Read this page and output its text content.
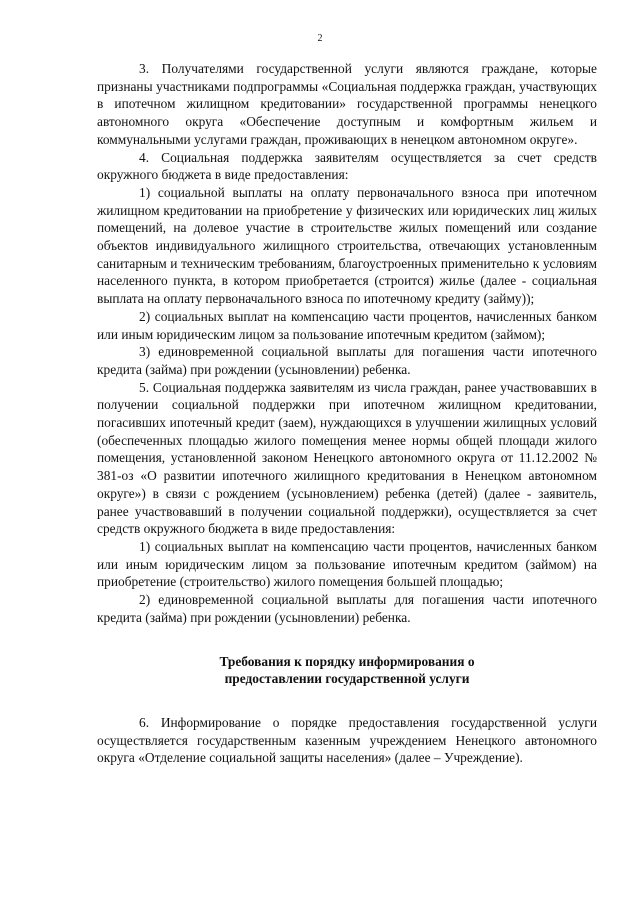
2

3. Получателями государственной услуги являются граждане, которые признаны участниками подпрограммы «Социальная поддержка граждан, участвующих в ипотечном жилищном кредитовании» государственной программы ненецкого автономного округа «Обеспечение доступным и комфортным жильем и коммунальными услугами граждан, проживающих в ненецком автономном округе».

4. Социальная поддержка заявителям осуществляется за счет средств окружного бюджета в виде предоставления:

1) социальной выплаты на оплату первоначального взноса при ипотечном жилищном кредитовании на приобретение у физических или юридических лиц жилых помещений, на долевое участие в строительстве жилых помещений или создание объектов индивидуального жилищного строительства, отвечающих установленным санитарным и техническим требованиям, благоустроенных применительно к условиям населенного пункта, в котором приобретается (строится) жилье (далее - социальная выплата на оплату первоначального взноса по ипотечному кредиту (займу));

2) социальных выплат на компенсацию части процентов, начисленных банком или иным юридическим лицом за пользование ипотечным кредитом (займом);

3) единовременной социальной выплаты для погашения части ипотечного кредита (займа) при рождении (усыновлении) ребенка.

5. Социальная поддержка заявителям из числа граждан, ранее участвовавших в получении социальной поддержки при ипотечном жилищном кредитовании, погасивших ипотечный кредит (заем), нуждающихся в улучшении жилищных условий (обеспеченных площадью жилого помещения менее нормы общей площади жилого помещения, установленной законом Ненецкого автономного округа от 11.12.2002 № 381-оз «О развитии ипотечного жилищного кредитования в Ненецком автономном округе») в связи с рождением (усыновлением) ребенка (детей) (далее - заявитель, ранее участвовавший в получении социальной поддержки), осуществляется за счет средств окружного бюджета в виде предоставления:

1) социальных выплат на компенсацию части процентов, начисленных банком или иным юридическим лицом за пользование ипотечным кредитом (займом) на приобретение (строительство) жилого помещения большей площадью;

2) единовременной социальной выплаты для погашения части ипотечного кредита (займа) при рождении (усыновлении) ребенка.

Требования к порядку информирования о
предоставлении государственной услуги

6. Информирование о порядке предоставления государственной услуги осуществляется государственным казенным учреждением Ненецкого автономного округа «Отделение социальной защиты населения» (далее – Учреждение).
